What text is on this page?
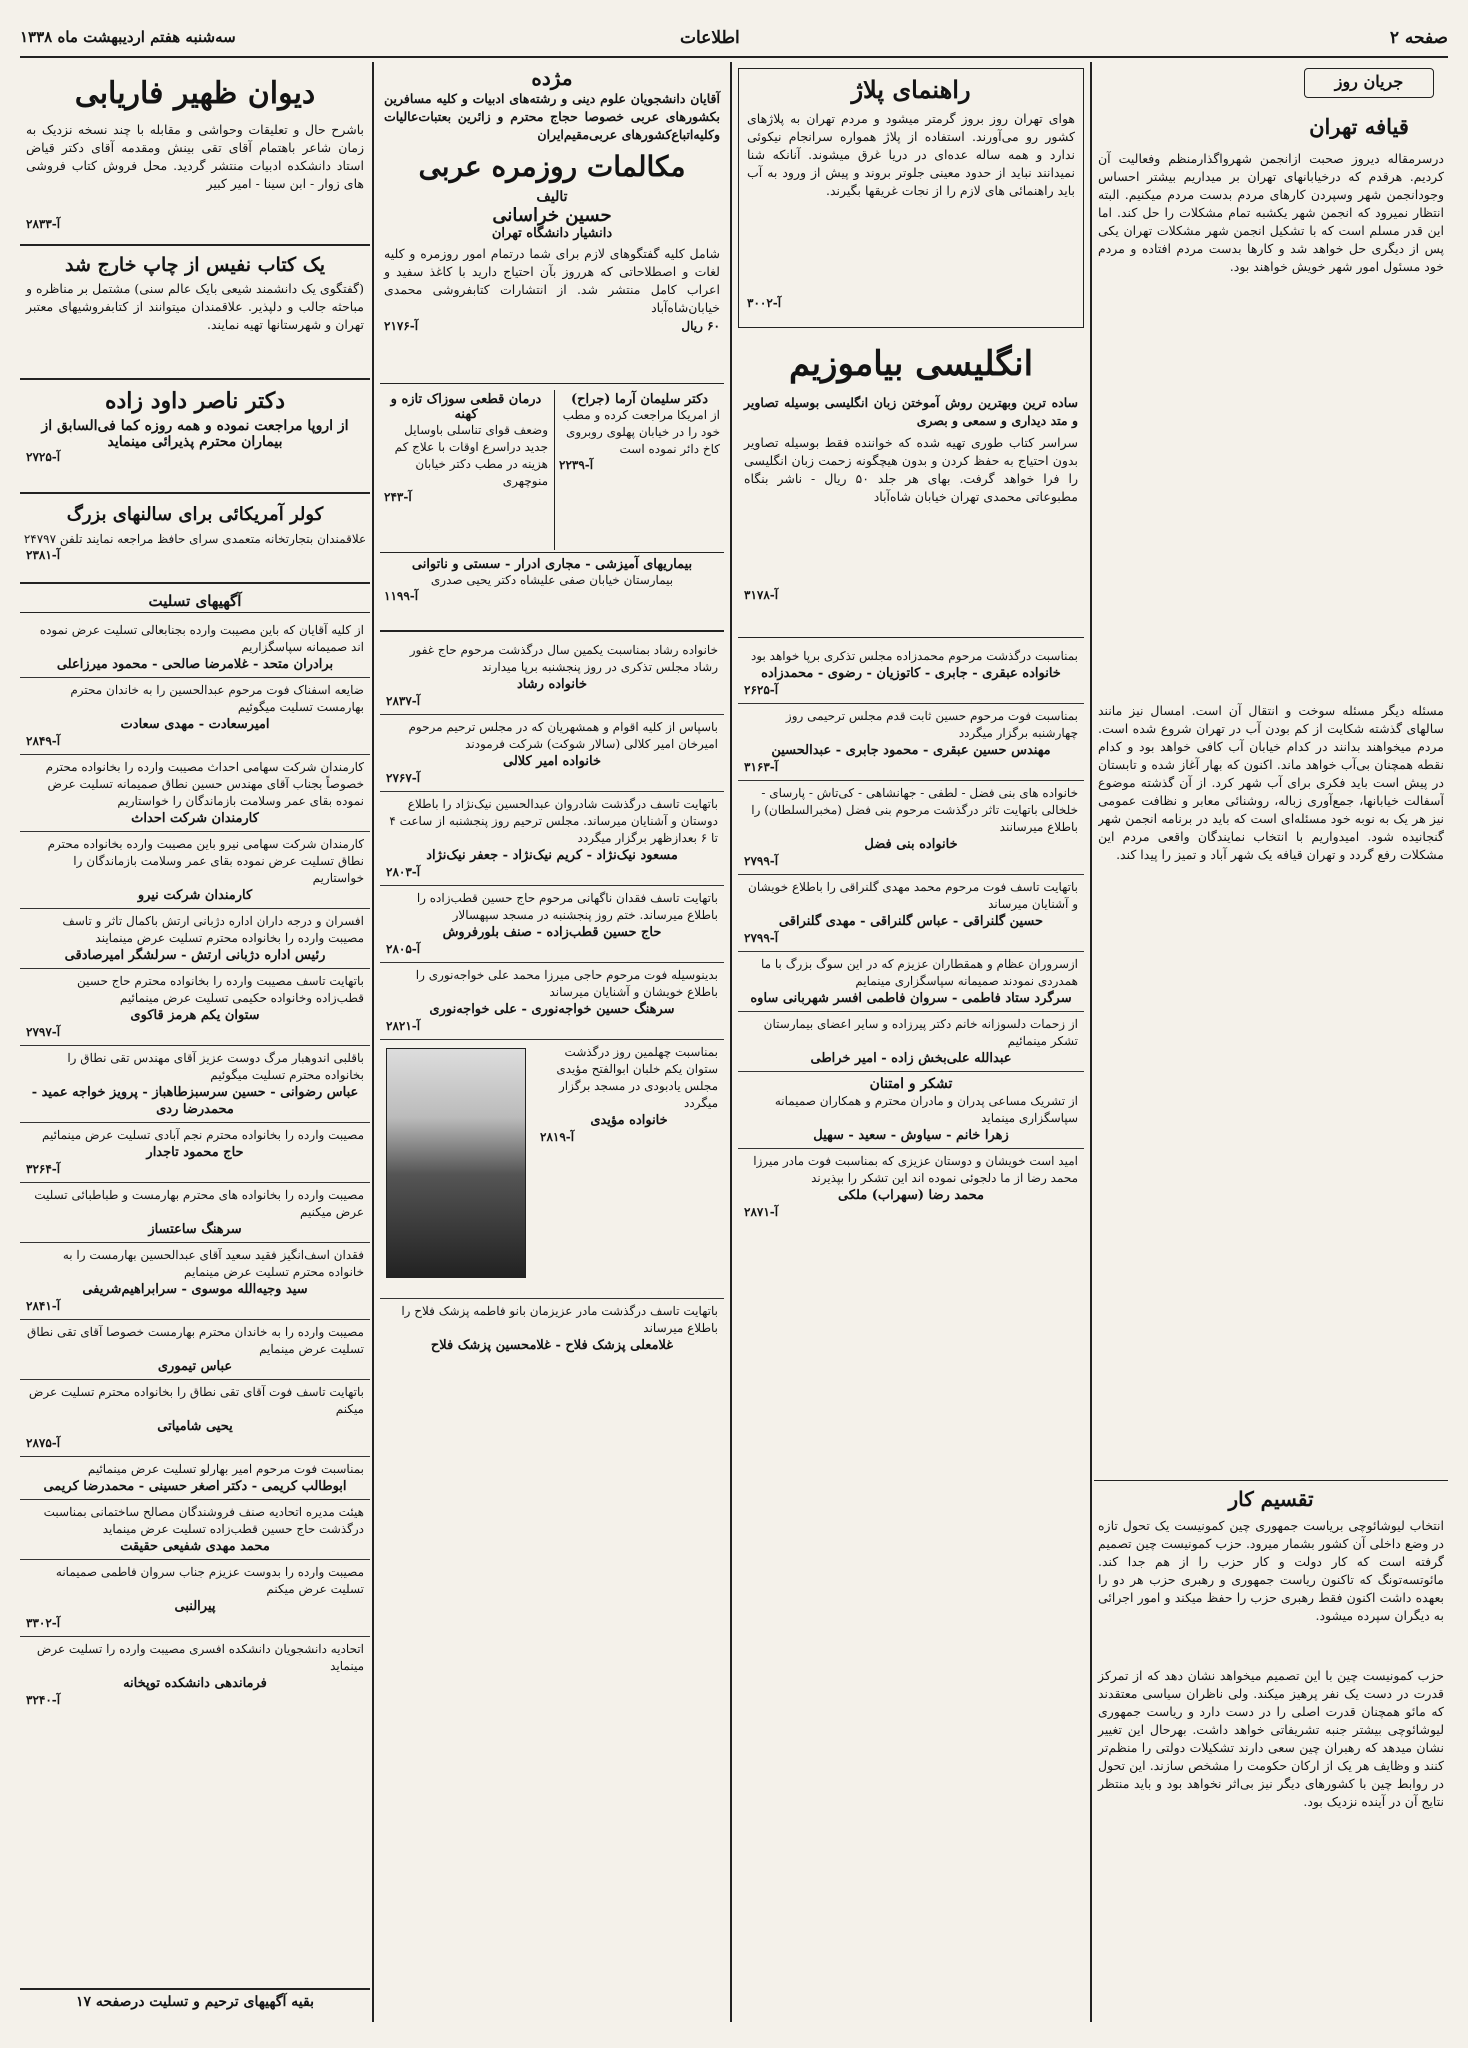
صفحه ۲
اطلاعات
سه‌شنبه هفتم اردیبهشت ماه ۱۳۳۸
جریان روز
قیافه تهران
درسرمقاله دیروز صحبت ازانجمن شهرواگذارمنظم وفعالیت آن کردیم. هرقدم که درخیابانهای تهران بر میداریم بیشتر احساس وجودانجمن شهر وسپردن کارهای مردم بدست مردم میکنیم. البته انتظار نمیرود که انجمن شهر یکشبه تمام مشکلات را حل کند. اما این قدر مسلم است که با تشکیل انجمن شهر مشکلات تهران یکی پس از دیگری حل خواهد شد و کارها بدست مردم افتاده و مردم خود مسئول امور شهر خویش خواهند بود.
مسئله دیگر مسئله سوخت و انتقال آن است. امسال نیز مانند سالهای گذشته شکایت از کم بودن آب در تهران شروع شده است. مردم میخواهند بدانند در کدام خیابان آب کافی خواهد بود و کدام نقطه همچنان بی‌آب خواهد ماند. اکنون که بهار آغاز شده و تابستان در پیش است باید فکری برای آب شهر کرد. از آن گذشته موضوع آسفالت خیابانها، جمع‌آوری زباله، روشنائی معابر و نظافت عمومی نیز هر یک به نوبه خود مسئله‌ای است که باید در برنامه انجمن شهر گنجانیده شود. امیدواریم با انتخاب نمایندگان واقعی مردم این مشکلات رفع گردد و تهران قیافه یک شهر آباد و تمیز را پیدا کند.
راهنمای پلاژ
هوای تهران روز بروز گرمتر میشود و مردم تهران به پلاژهای کشور رو می‌آورند. استفاده از پلاژ همواره سرانجام نیکوئی ندارد و همه ساله عده‌ای در دریا غرق میشوند. آنانکه شنا نمیدانند نباید از حدود معینی جلوتر بروند و پیش از ورود به آب باید راهنمائی های لازم را از نجات غریقها بگیرند.
آ-۳۰۰۲
انگلیسی بیاموزیم
ساده ترین وبهترین روش آموختن زبان انگلیسی بوسیله تصاویر و متد دیداری و سمعی و بصری
سراسر کتاب طوری تهیه شده که خواننده فقط بوسیله تصاویر بدون احتیاج به حفظ کردن و بدون هیچگونه زحمت زبان انگلیسی را فرا خواهد گرفت. بهای هر جلد ۵۰ ریال - ناشر بنگاه مطبوعاتی محمدی تهران خیابان شاه‌آباد
آ-۳۱۷۸
بمناسبت درگذشت مرحوم محمدزاده مجلس تذکری برپا خواهد بود
خانواده عبقری - جابری - کاتوزیان - رضوی - محمدزاده
آ-۲۶۲۵
بمناسبت فوت مرحوم حسین ثابت قدم مجلس ترحیمی روز چهارشنبه برگزار میگردد
مهندس حسین عبقری - محمود جابری - عبدالحسین
آ-۳۱۶۳
خانواده های بنی فضل - لطفی - جهانشاهی - کی‌تاش - پارسای - خلخالی باتهایت تاثر درگذشت مرحوم بنی فضل (مخبرالسلطان) را باطلاع میرسانند
خانواده بنی فضل
آ-۲۷۹۹
باتهایت تاسف فوت مرحوم محمد مهدی گلنراقی را باطلاع خویشان و آشنایان میرساند
حسین گلنراقی - عباس گلنراقی - مهدی گلنراقی
آ-۲۷۹۹
ازسروران عظام و همقطاران عزیزم که در این سوگ بزرگ با ما همدردی نمودند صمیمانه سپاسگزاری مینمایم
سرگرد ستاد فاطمی - سروان فاطمی افسر شهربانی ساوه
از زحمات دلسوزانه خانم دکتر پیرزاده و سایر اعضای بیمارستان تشکر مینمائیم
عبدالله علی‌بخش زاده - امیر خراطی
تشکر و امتنان
از تشریک مساعی پدران و مادران محترم و همکاران صمیمانه سپاسگزاری مینماید
زهرا خانم - سیاوش - سعید - سهیل
امید است خویشان و دوستان عزیزی که بمناسبت فوت مادر میرزا محمد رضا از ما دلجوئی نموده اند این تشکر را بپذیرند
محمد رضا (سهراب) ملکی
آ-۲۸۷۱
مژده
آقایان دانشجویان علوم دینی و رشته‌های ادبیات و کلیه مسافرین بکشورهای عربی خصوصا حجاج محترم و زائرین بعتبات‌عالیات وکلیه‌اتباع‌کشورهای عربی‌مقیم‌ایران
مکالمات روزمره عربی
تالیف
حسین خراسانی
دانشیار دانشگاه تهران
شامل کلیه گفتگوهای لازم برای شما درتمام امور روزمره و کلیه لغات و اصطلاحاتی که هرروز بآن احتیاج دارید با کاغذ سفید و اعراب کامل منتشر شد. از انتشارات کتابفروشی محمدی خیابان‌شاه‌آباد
۶۰ ریال
آ-۲۱۷۶
دکتر سلیمان آرما (جراح)
از امریکا مراجعت کرده و مطب خود را در خیابان پهلوی روبروی کاخ دائر نموده است
آ-۲۲۳۹
درمان قطعی سوزاک تازه و کهنه
وضعف قوای تناسلی باوسایل جدید دراسرع اوقات با علاج کم هزینه در مطب دکتر خیابان منوچهری
آ-۲۴۳
بیماریهای آمیزشی - مجاری ادرار - سستی و ناتوانی
بیمارستان خیابان صفی علیشاه دکتر یحیی صدری
آ-۱۱۹۹
خانواده رشاد بمناسبت یکمین سال درگذشت مرحوم حاج غفور رشاد مجلس تذکری در روز پنجشنبه برپا میدارند
خانواده رشاد
آ-۲۸۳۷
باسپاس از کلیه اقوام و همشهریان که در مجلس ترحیم مرحوم امیرخان امیر کلالی (سالار شوکت) شرکت فرمودند
خانواده امیر کلالی
آ-۲۷۶۷
باتهایت تاسف درگذشت شادروان عبدالحسین نیک‌نژاد را باطلاع دوستان و آشنایان میرساند. مجلس ترحیم روز پنجشنبه از ساعت ۴ تا ۶ بعدازظهر برگزار میگردد
مسعود نیک‌نژاد - کریم نیک‌نژاد - جعفر نیک‌نژاد
آ-۲۸۰۳
باتهایت تاسف فقدان ناگهانی مرحوم حاج حسین قطب‌زاده را باطلاع میرساند. ختم روز پنجشنبه در مسجد سپهسالار
حاج حسین قطب‌زاده - صنف بلورفروش
آ-۲۸۰۵
بدینوسیله فوت مرحوم حاجی میرزا محمد علی خواجه‌نوری را باطلاع خویشان و آشنایان میرساند
سرهنگ حسین خواجه‌نوری - علی خواجه‌نوری
آ-۲۸۲۱
بمناسبت چهلمین روز درگذشت ستوان یکم خلبان ابوالفتح مؤیدی مجلس یادبودی در مسجد برگزار میگردد
خانواده مؤیدی
آ-۲۸۱۹
باتهایت تاسف درگذشت مادر عزیزمان بانو فاطمه پزشک فلاح را باطلاع میرساند
غلامعلی پزشک فلاح - غلامحسین پزشک فلاح
دیوان ظهیر فاریابی
باشرح حال و تعلیقات وحواشی و مقابله با چند نسخه نزدیک به زمان شاعر باهتمام آقای تقی بینش ومقدمه آقای دکتر قیاض استاد دانشکده ادبیات منتشر گردید. محل فروش کتاب فروشی های زوار - ابن سینا - امیر کبیر
آ-۲۸۳۳
یک کتاب نفیس از چاپ خارج شد
(گفتگوی یک دانشمند شیعی بایک عالم سنی) مشتمل بر مناظره و مباحثه جالب و دلپذیر. علاقمندان میتوانند از کتابفروشیهای معتبر تهران و شهرستانها تهیه نمایند.
دکتر ناصر داود زاده
از اروپا مراجعت نموده و همه روزه کما فی‌السابق از بیماران محترم پذیرائی مینماید
آ-۲۷۲۵
کولر آمریکائی برای سالنهای بزرگ
علاقمندان بتجارتخانه متعمدی سرای حافظ مراجعه نمایند تلفن ۲۴۷۹۷
آ-۲۳۸۱
آگهیهای تسلیت
از کلیه آقایان که باین مصیبت وارده بجنابعالی تسلیت عرض نموده اند صمیمانه سپاسگزاریم
برادران متحد - غلامرضا صالحی - محمود میرزاعلی
ضایعه اسفناک فوت مرحوم عبدالحسین را به خاندان محترم بهارمست تسلیت میگوئیم
امیرسعادت - مهدی سعادت
آ-۲۸۴۹
کارمندان شرکت سهامی احداث مصیبت وارده را بخانواده محترم خصوصاً بجناب آقای مهندس حسین نطاق صمیمانه تسلیت عرض نموده بقای عمر وسلامت بازماندگان را خواستاریم
کارمندان شرکت احداث
کارمندان شرکت سهامی نیرو باین مصیبت وارده بخانواده محترم نطاق تسلیت عرض نموده بقای عمر وسلامت بازماندگان را خواستاریم
کارمندان شرکت نیرو
افسران و درجه داران اداره دژبانی ارتش باکمال تاثر و تاسف مصیبت وارده را بخانواده محترم تسلیت عرض مینمایند
رئیس اداره دژبانی ارتش - سرلشگر امیرصادقی
باتهایت تاسف مصیبت وارده را بخانواده محترم حاج حسین قطب‌زاده وخانواده حکیمی تسلیت عرض مینمائیم
ستوان یکم هرمز قاکوی
آ-۲۷۹۷
باقلبی اندوهبار مرگ دوست عزیز آقای مهندس تقی نطاق را بخانواده محترم تسلیت میگوئیم
عباس رضوانی - حسین سرسبزطاهباز - پرویز خواجه عمید - محمدرضا ردی
مصیبت وارده را بخانواده محترم نجم آبادی تسلیت عرض مینمائیم
حاج محمود تاجدار
آ-۳۲۶۴
مصیبت وارده را بخانواده های محترم بهارمست و طباطبائی تسلیت عرض میکنیم
سرهنگ ساعتساز
فقدان اسف‌انگیز فقید سعید آقای عبدالحسین بهارمست را به خانواده محترم تسلیت عرض مینمایم
سید وجیه‌الله موسوی - سرابراهیم‌شریفی
آ-۲۸۴۱
مصیبت وارده را به خاندان محترم بهارمست خصوصا آقای تقی نطاق تسلیت عرض مینمایم
عباس تیموری
باتهایت تاسف فوت آقای تقی نطاق را بخانواده محترم تسلیت عرض میکنم
یحیی شامیاتی
آ-۲۸۷۵
بمناسبت فوت مرحوم امیر بهارلو تسلیت عرض مینمائیم
ابوطالب کریمی - دکتر اصغر حسینی - محمدرضا کریمی
هیئت مدیره اتحادیه صنف فروشندگان مصالح ساختمانی بمناسبت درگذشت حاج حسین قطب‌زاده تسلیت عرض مینماید
محمد مهدی شفیعی حقیقت
مصیبت وارده را بدوست عزیزم جناب سروان فاطمی صمیمانه تسلیت عرض میکنم
پیرالنبی
آ-۳۳۰۲
اتحادیه دانشجویان دانشکده افسری مصیبت وارده را تسلیت عرض مینماید
فرماندهی دانشکده توپخانه
آ-۳۲۴۰
بقیه آگهیهای ترحیم و تسلیت درصفحه ۱۷
تقسیم کار
انتخاب لیوشائوچی بریاست جمهوری چین کمونیست یک تحول تازه در وضع داخلی آن کشور بشمار میرود. حزب کمونیست چین تصمیم گرفته است که کار دولت و کار حزب را از هم جدا کند. مائوتسه‌تونگ که تاکنون ریاست جمهوری و رهبری حزب هر دو را بعهده داشت اکنون فقط رهبری حزب را حفظ میکند و امور اجرائی به دیگران سپرده میشود.
حزب کمونیست چین با این تصمیم میخواهد نشان دهد که از تمرکز قدرت در دست یک نفر پرهیز میکند. ولی ناظران سیاسی معتقدند که مائو همچنان قدرت اصلی را در دست دارد و ریاست جمهوری لیوشائوچی بیشتر جنبه تشریفاتی خواهد داشت. بهرحال این تغییر نشان میدهد که رهبران چین سعی دارند تشکیلات دولتی را منظم‌تر کنند و وظایف هر یک از ارکان حکومت را مشخص سازند. این تحول در روابط چین با کشورهای دیگر نیز بی‌اثر نخواهد بود و باید منتظر نتایج آن در آینده نزدیک بود.
